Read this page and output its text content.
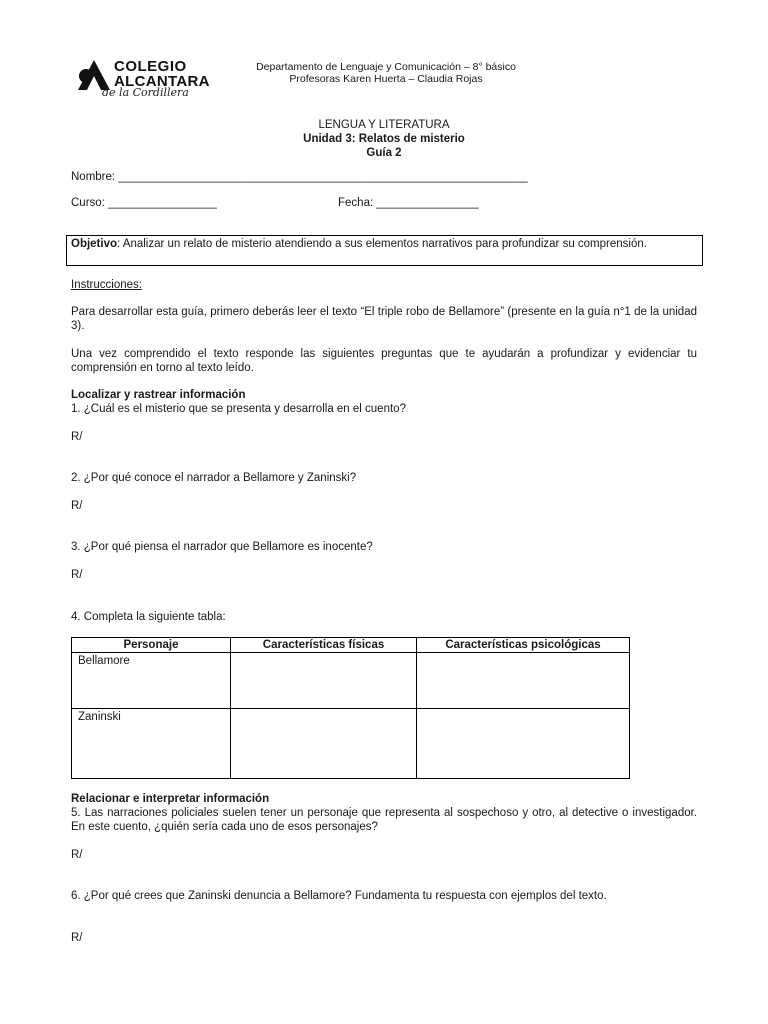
COLEGIO
ALCANTARA
de la Cordillera
Departamento de Lenguaje y Comunicación – 8° básico
Profesoras Karen Huerta – Claudia Rojas
LENGUA Y LITERATURA
Unidad 3: Relatos de misterio
Guía 2
Nombre: ________________________________________________________________
Curso: _________________	Fecha: ________________
Objetivo: Analizar un relato de misterio atendiendo a sus elementos narrativos para profundizar su comprensión.
Instrucciones:
Para desarrollar esta guía, primero deberás leer el texto “El triple robo de Bellamore” (presente en la guía n°1 de la unidad 3).
Una vez comprendido el texto responde las siguientes preguntas que te ayudarán a profundizar y evidenciar tu comprensión en torno al texto leído.
Localizar y rastrear información
1. ¿Cuál es el misterio que se presenta y desarrolla en el cuento?
R/
2. ¿Por qué conoce el narrador a Bellamore y Zaninski?
R/
3. ¿Por qué piensa el narrador que Bellamore es inocente?
R/
4. Completa la siguiente tabla:
Personaje	Características físicas	Características psicológicas
Bellamore		
Zaninski		
Relacionar e interpretar información
5. Las narraciones policiales suelen tener un personaje que representa al sospechoso y otro, al detective o investigador. En este cuento, ¿quién sería cada uno de esos personajes?
R/
6. ¿Por qué crees que Zaninski denuncia a Bellamore? Fundamenta tu respuesta con ejemplos del texto.
R/
